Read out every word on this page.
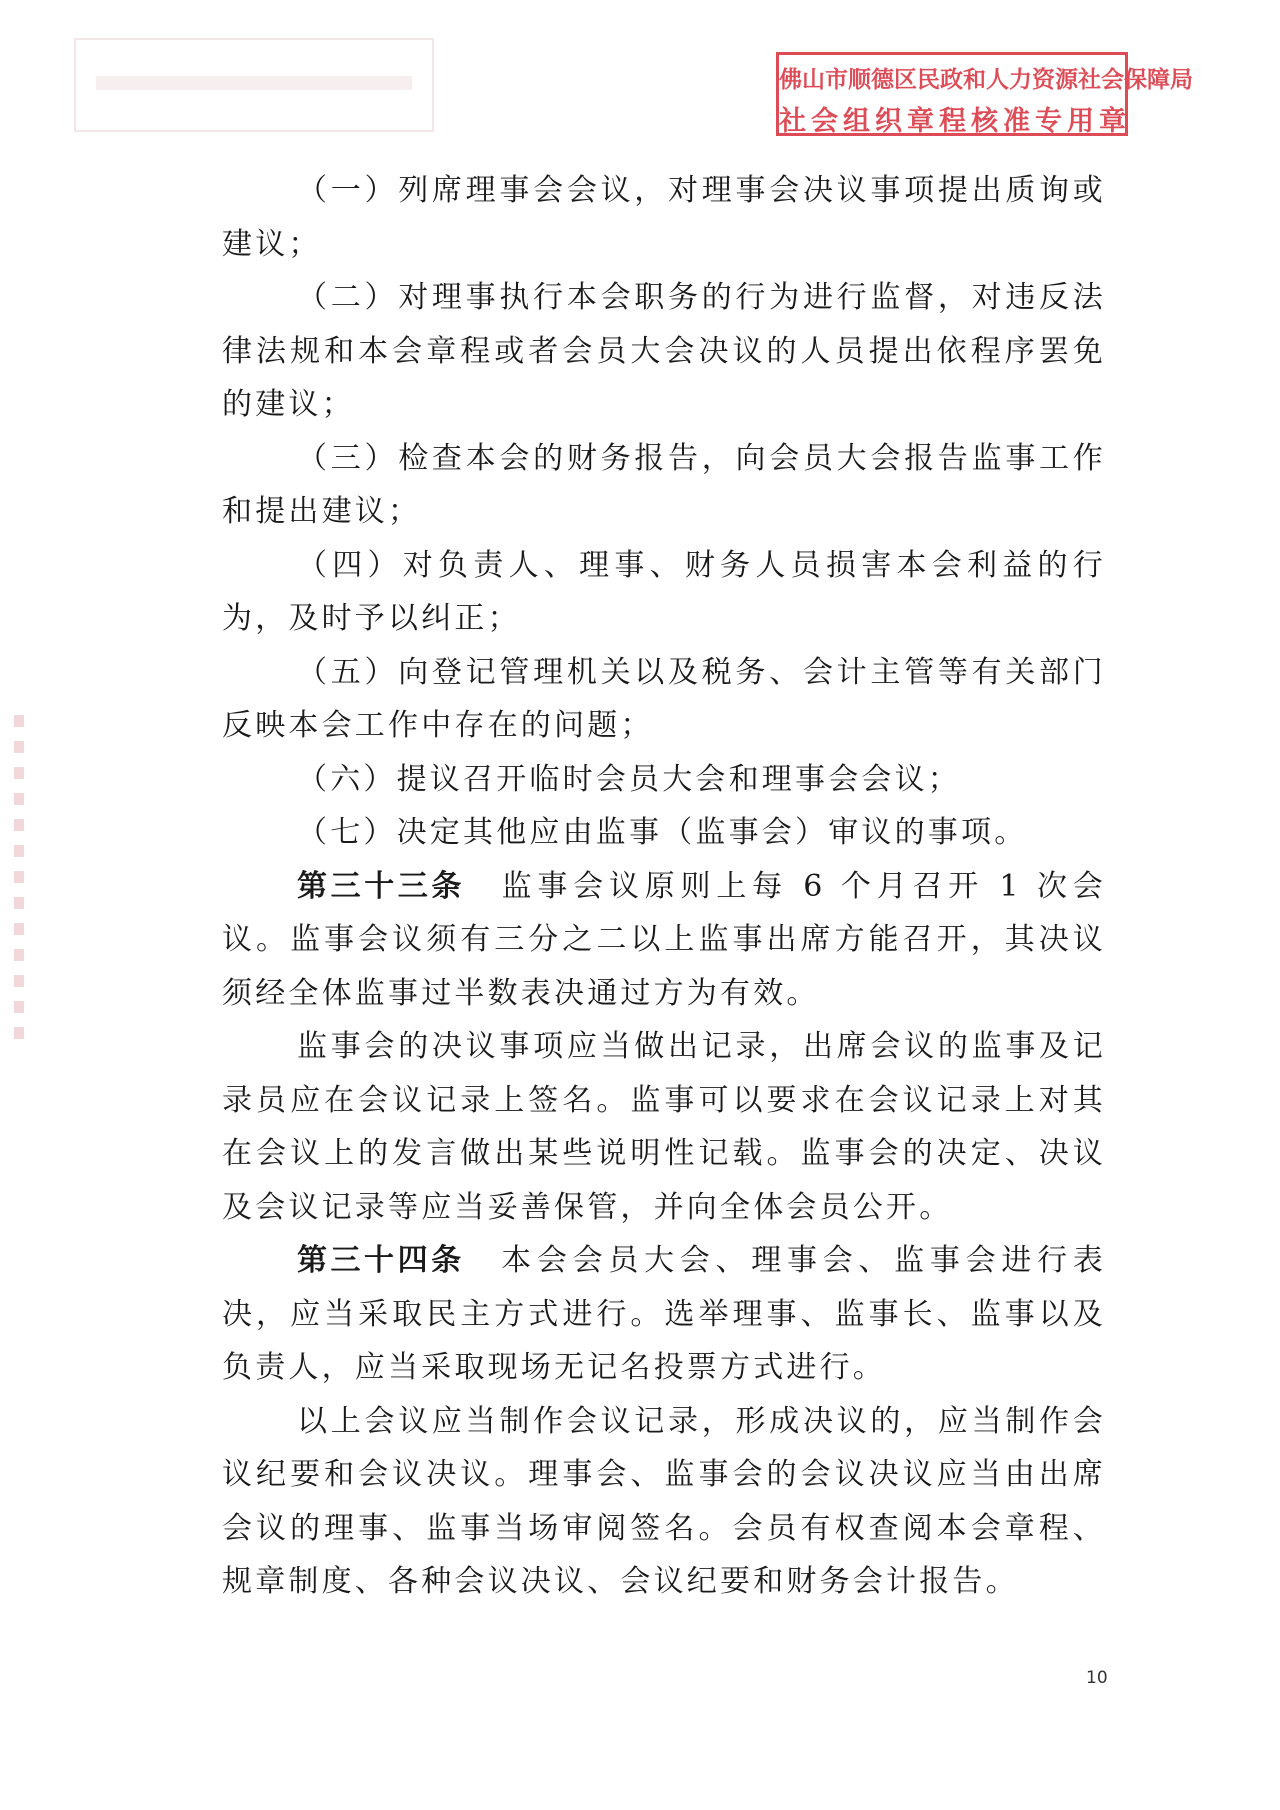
佛山市顺德区民政和人力资源社会保障局
社会组织章程核准专用章

（一）列席理事会会议，对理事会决议事项提出质询或建议；

（二）对理事执行本会职务的行为进行监督，对违反法律法规和本会章程或者会员大会决议的人员提出依程序罢免的建议；

（三）检查本会的财务报告，向会员大会报告监事工作和提出建议；

（四）对负责人、理事、财务人员损害本会利益的行为，及时予以纠正；

（五）向登记管理机关以及税务、会计主管等有关部门反映本会工作中存在的问题；

（六）提议召开临时会员大会和理事会会议；

（七）决定其他应由监事（监事会）审议的事项。

第三十三条 监事会议原则上每 6 个月召开 1 次会议。监事会议须有三分之二以上监事出席方能召开，其决议须经全体监事过半数表决通过方为有效。

监事会的决议事项应当做出记录，出席会议的监事及记录员应在会议记录上签名。监事可以要求在会议记录上对其在会议上的发言做出某些说明性记载。监事会的决定、决议及会议记录等应当妥善保管，并向全体会员公开。

第三十四条 本会会员大会、理事会、监事会进行表决，应当采取民主方式进行。选举理事、监事长、监事以及负责人，应当采取现场无记名投票方式进行。

以上会议应当制作会议记录，形成决议的，应当制作会议纪要和会议决议。理事会、监事会的会议决议应当由出席会议的理事、监事当场审阅签名。会员有权查阅本会章程、规章制度、各种会议决议、会议纪要和财务会计报告。

10
